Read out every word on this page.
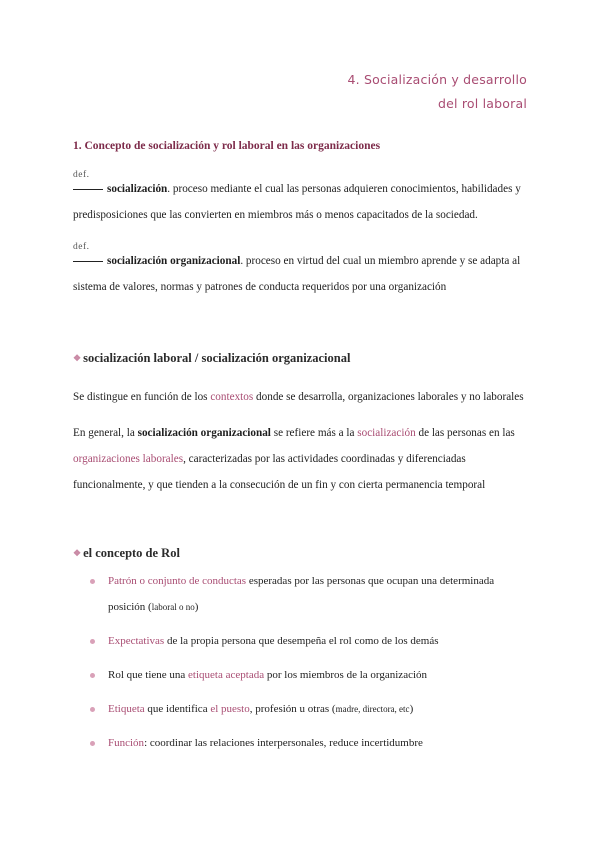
4. Socialización y desarrollo
del rol laboral
1. Concepto de socialización y rol laboral en las organizaciones
def.
socialización. proceso mediante el cual las personas adquieren conocimientos, habilidades y
predisposiciones que las convierten en miembros más o menos capacitados de la sociedad.
def.
socialización organizacional. proceso en virtud del cual un miembro aprende y se adapta al
sistema de valores, normas y patrones de conducta requeridos por una organización
❖ socialización laboral / socialización organizacional
Se distingue en función de los contextos donde se desarrolla, organizaciones laborales y no laborales
En general, la socialización organizacional se refiere más a la socialización de las personas en las
organizaciones laborales, caracterizadas por las actividades coordinadas y diferenciadas
funcionalmente, y que tienden a la consecución de un fin y con cierta permanencia temporal
❖ el concepto de Rol
Patrón o conjunto de conductas esperadas por las personas que ocupan una determinada
posición (laboral o no)
Expectativas de la propia persona que desempeña el rol como de los demás
Rol que tiene una etiqueta aceptada por los miembros de la organización
Etiqueta que identifica el puesto, profesión u otras (madre, directora, etc)
Función: coordinar las relaciones interpersonales, reduce incertidumbre
